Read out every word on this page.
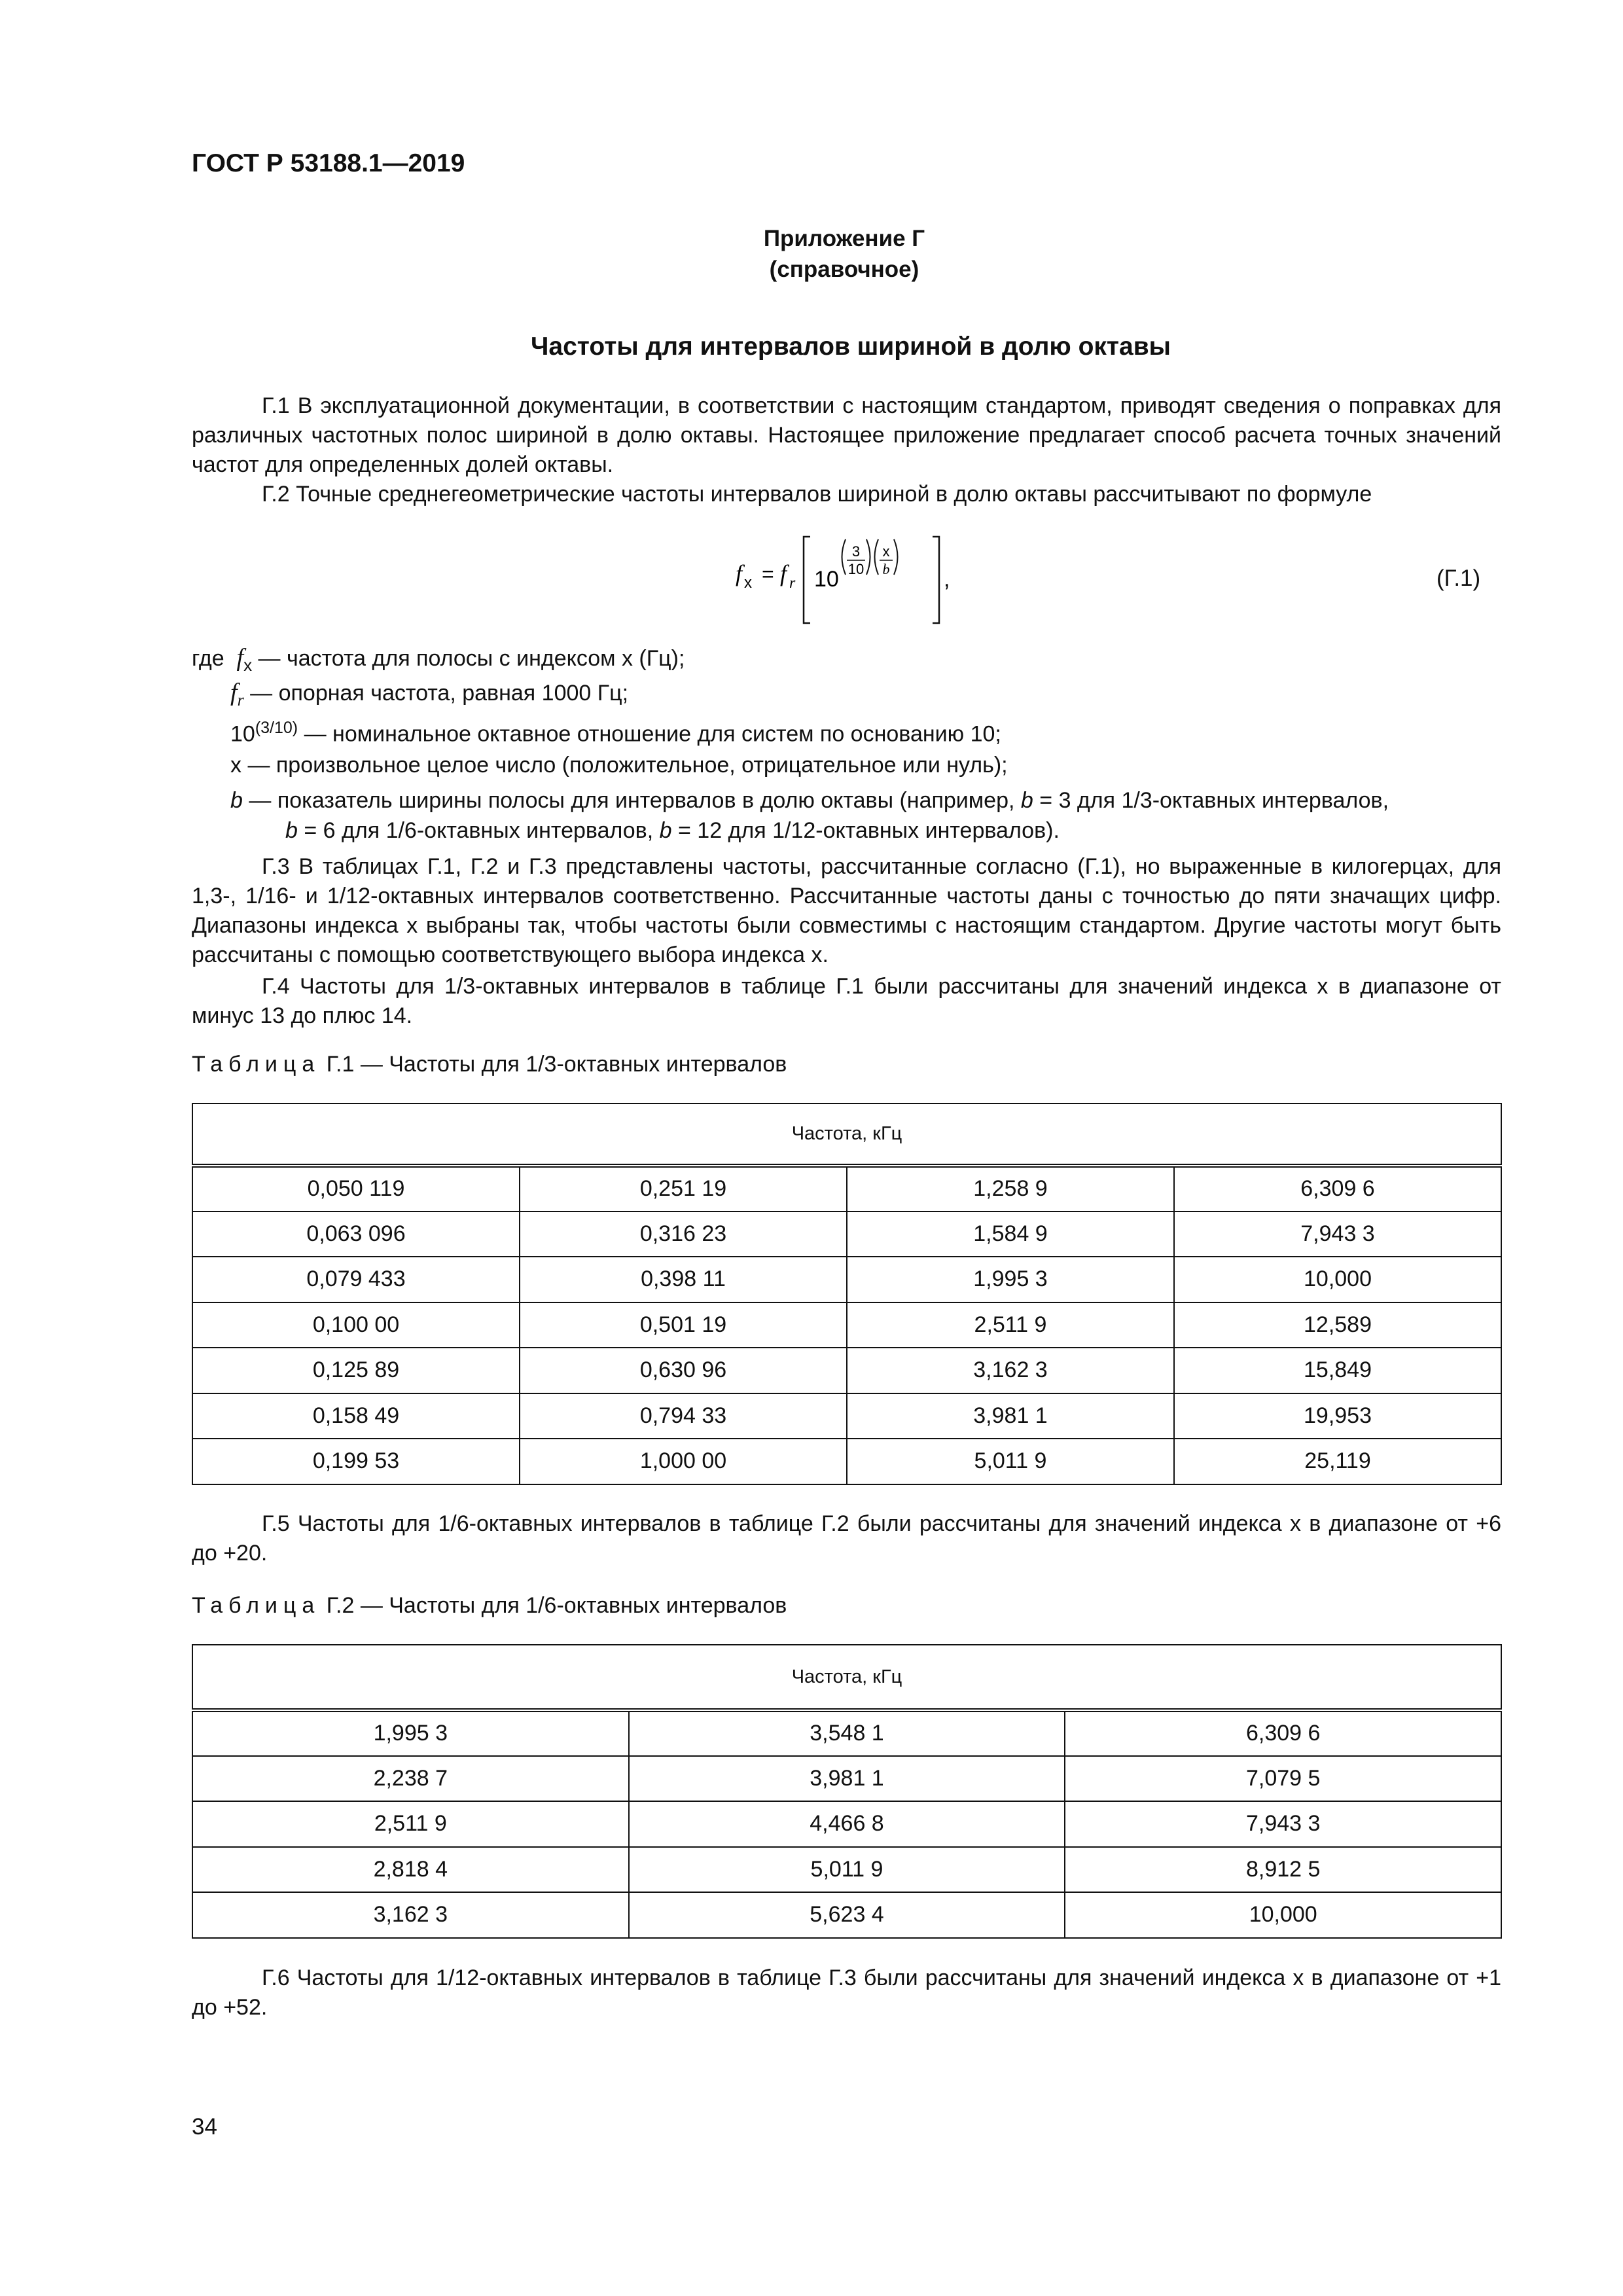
ГОСТ Р 53188.1—2019
Приложение Г
(справочное)
Частоты для интервалов шириной в долю октавы
Г.1 В эксплуатационной документации, в соответствии с настоящим стандартом, приводят сведения о поправках для различных частотных полос шириной в долю октавы. Настоящее приложение предлагает способ расчета точных значений частот для определенных долей октавы.
Г.2 Точные среднегеометрические частоты интервалов шириной в долю октавы рассчитывают по формуле
f x = f r 10
3
10
x
b ,	(Г.1)
где $f_x$ — частота для полосы с индексом x (Гц);
$f_r$ — опорная частота, равная 1000 Гц;
$10^{(3/10)}$ — номинальное октавное отношение для систем по основанию 10;
x — произвольное целое число (положительное, отрицательное или нуль);
b — показатель ширины полосы для интервалов в долю октавы (например, b = 3 для 1/3-октавных интервалов,
b = 6 для 1/6-октавных интервалов, b = 12 для 1/12-октавных интервалов).
Г.3 В таблицах Г.1, Г.2 и Г.3 представлены частоты, рассчитанные согласно (Г.1), но выраженные в килогерцах, для 1,3-, 1/16- и 1/12-октавных интервалов соответственно. Рассчитанные частоты даны с точностью до пяти значащих цифр. Диапазоны индекса x выбраны так, чтобы частоты были совместимы с настоящим стандартом. Другие частоты могут быть рассчитаны с помощью соответствующего выбора индекса x.
Г.4 Частоты для 1/3-октавных интервалов в таблице Г.1 были рассчитаны для значений индекса x в диапазоне от минус 13 до плюс 14.
Таблица Г.1 — Частоты для 1/3-октавных интервалов
Частота, кГц			
0,050 119	0,251 19	1,258 9	6,309 6
0,063 096	0,316 23	1,584 9	7,943 3
0,079 433	0,398 11	1,995 3	10,000
0,100 00	0,501 19	2,511 9	12,589
0,125 89	0,630 96	3,162 3	15,849
0,158 49	0,794 33	3,981 1	19,953
0,199 53	1,000 00	5,011 9	25,119
Г.5 Частоты для 1/6-октавных интервалов в таблице Г.2 были рассчитаны для значений индекса x в диапазоне от +6 до +20.
Таблица Г.2 — Частоты для 1/6-октавных интервалов
Частота, кГц		
1,995 3	3,548 1	6,309 6
2,238 7	3,981 1	7,079 5
2,511 9	4,466 8	7,943 3
2,818 4	5,011 9	8,912 5
3,162 3	5,623 4	10,000
Г.6 Частоты для 1/12-октавных интервалов в таблице Г.3 были рассчитаны для значений индекса x в диапазоне от +1 до +52.
34
